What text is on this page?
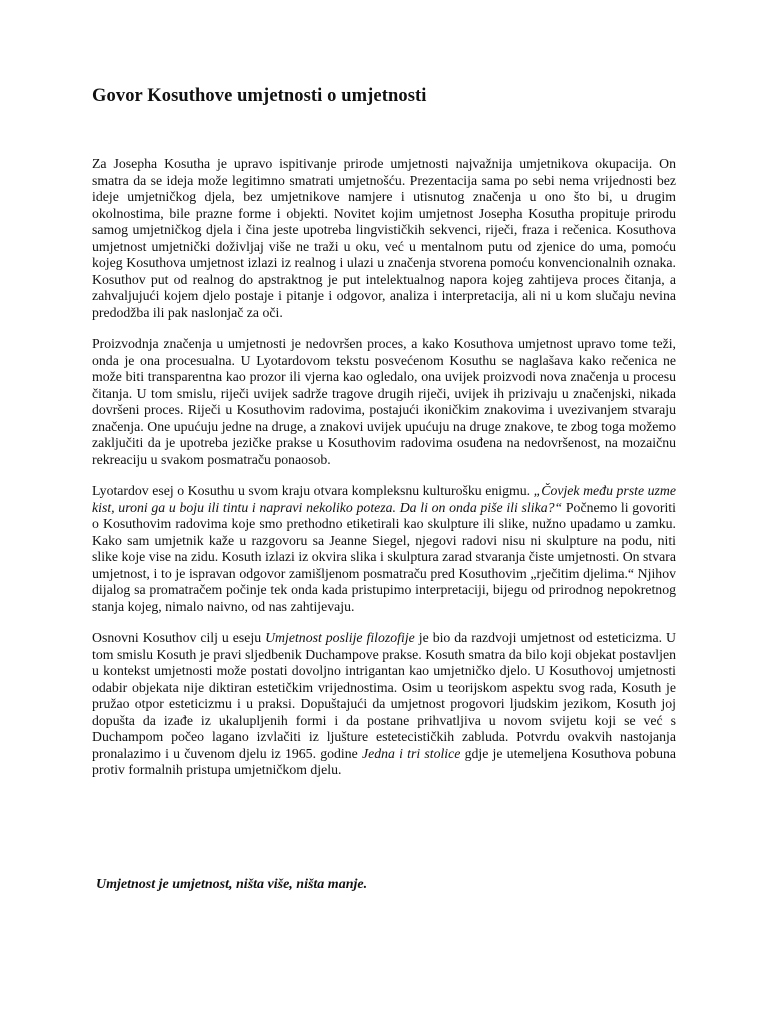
Govor Kosuthove umjetnosti o umjetnosti

Za Josepha Kosutha je upravo ispitivanje prirode umjetnosti najvažnija umjetnikova okupacija. On smatra da se ideja može legitimno smatrati umjetnošću. Prezentacija sama po sebi nema vrijednosti bez ideje umjetničkog djela, bez umjetnikove namjere i utisnutog značenja u ono što bi, u drugim okolnostima, bile prazne forme i objekti. Novitet kojim umjetnost Josepha Kosutha propituje prirodu samog umjetničkog djela i čina jeste upotreba lingvističkih sekvenci, riječi, fraza i rečenica. Kosuthova umjetnost umjetnički doživljaj više ne traži u oku, već u mentalnom putu od zjenice do uma, pomoću kojeg Kosuthova umjetnost izlazi iz realnog i ulazi u značenja stvorena pomoću konvencionalnih oznaka. Kosuthov put od realnog do apstraktnog je put intelektualnog napora kojeg zahtijeva proces čitanja, a zahvaljujući kojem djelo postaje i pitanje i odgovor, analiza i interpretacija, ali ni u kom slučaju nevina predodžba ili pak naslonjač za oči.

Proizvodnja značenja u umjetnosti je nedovršen proces, a kako Kosuthova umjetnost upravo tome teži, onda je ona procesualna. U Lyotardovom tekstu posvećenom Kosuthu se naglašava kako rečenica ne može biti transparentna kao prozor ili vjerna kao ogledalo, ona uvijek proizvodi nova značenja u procesu čitanja. U tom smislu, riječi uvijek sadrže tragove drugih riječi, uvijek ih prizivaju u značenjski, nikada dovršeni proces. Riječi u Kosuthovim radovima, postajući ikoničkim znakovima i uvezivanjem stvaraju značenja. One upućuju jedne na druge, a znakovi uvijek upućuju na druge znakove, te zbog toga možemo zaključiti da je upotreba jezičke prakse u Kosuthovim radovima osuđena na nedovršenost, na mozaičnu rekreaciju u svakom posmatraču ponaosob.

Lyotardov esej o Kosuthu u svom kraju otvara kompleksnu kulturošku enigmu. „Čovjek među prste uzme kist, uroni ga u boju ili tintu i napravi nekoliko poteza. Da li on onda piše ili slika?“ Počnemo li govoriti o Kosuthovim radovima koje smo prethodno etiketirali kao skulpture ili slike, nužno upadamo u zamku. Kako sam umjetnik kaže u razgovoru sa Jeanne Siegel, njegovi radovi nisu ni skulpture na podu, niti slike koje vise na zidu. Kosuth izlazi iz okvira slika i skulptura zarad stvaranja čiste umjetnosti. On stvara umjetnost, i to je ispravan odgovor zamišljenom posmatraču pred Kosuthovim „rječitim djelima.“ Njihov dijalog sa promatračem počinje tek onda kada pristupimo interpretaciji, bijegu od prirodnog nepokretnog stanja kojeg, nimalo naivno, od nas zahtijevaju.

Osnovni Kosuthov cilj u eseju Umjetnost poslije filozofije je bio da razdvoji umjetnost od esteticizma. U tom smislu Kosuth je pravi sljedbenik Duchampove prakse. Kosuth smatra da bilo koji objekat postavljen u kontekst umjetnosti može postati dovoljno intrigantan kao umjetničko djelo. U Kosuthovoj umjetnosti odabir objekata nije diktiran estetičkim vrijednostima. Osim u teorijskom aspektu svog rada, Kosuth je pružao otpor esteticizmu i u praksi. Dopuštajući da umjetnost progovori ljudskim jezikom, Kosuth joj dopušta da izađe iz ukalupljenih formi i da postane prihvatljiva u novom svijetu koji se već s Duchampom počeo lagano izvlačiti iz ljušture estetecističkih zabluda. Potvrdu ovakvih nastojanja pronalazimo i u čuvenom djelu iz 1965. godine Jedna i tri stolice gdje je utemeljena Kosuthova pobuna protiv formalnih pristupa umjetničkom djelu.

Umjetnost je umjetnost, ništa više, ništa manje.
